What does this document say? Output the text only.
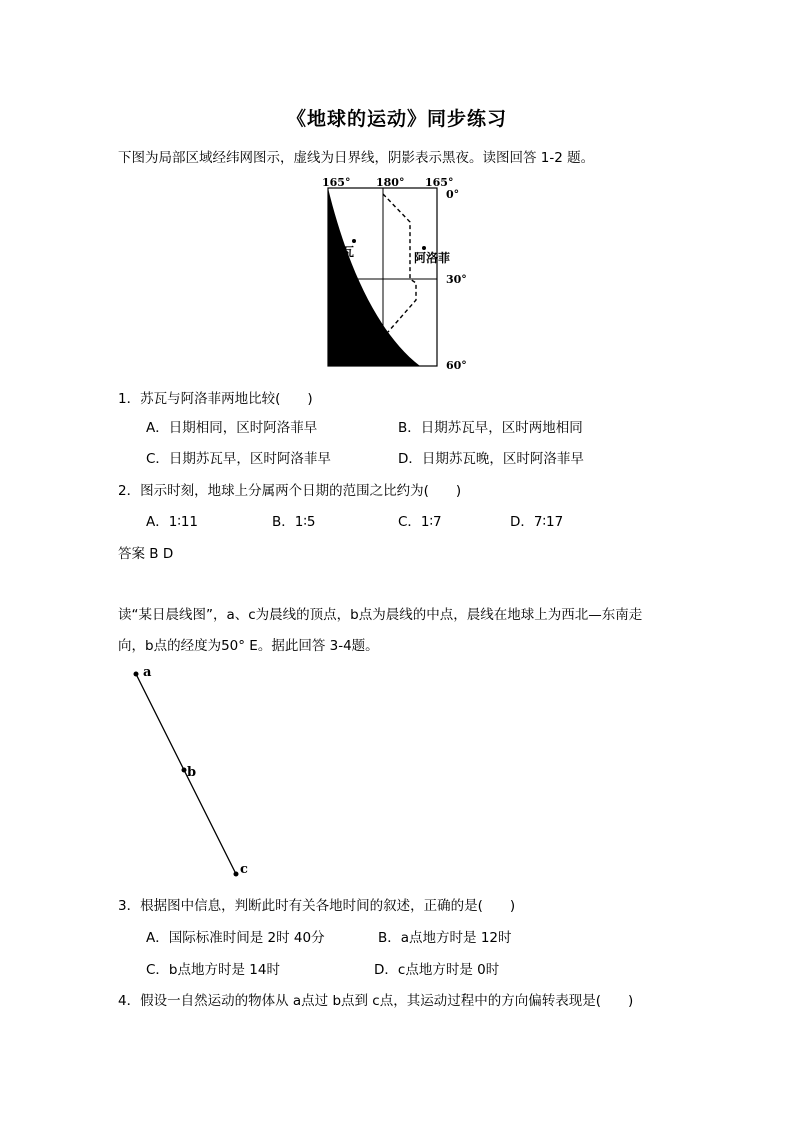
《地球的运动》同步练习
下图为局部区域经纬网图示，虚线为日界线，阴影表示黑夜。读图回答 1-2 题。
165° 180° 165°
0°
30°
60°
苏瓦	阿洛菲
1．苏瓦与阿洛菲两地比较(　　)
A．日期相同，区时阿洛菲早	B．日期苏瓦早，区时两地相同
C．日期苏瓦早，区时阿洛菲早	D．日期苏瓦晚，区时阿洛菲早
2．图示时刻，地球上分属两个日期的范围之比约为(　　)
A．1∶11	B．1∶5	C．1∶7	D．7∶17
答案 B D
读“某日晨线图”，a、c为晨线的顶点，b点为晨线的中点，晨线在地球上为西北—东南走
向，b点的经度为50° E。据此回答 3-4题。
a
b
c
3．根据图中信息，判断此时有关各地时间的叙述，正确的是(　　)
A．国际标准时间是 2时 40分	B．a点地方时是 12时
C．b点地方时是 14时	D．c点地方时是 0时
4．假设一自然运动的物体从 a点过 b点到 c点，其运动过程中的方向偏转表现是(　　)
